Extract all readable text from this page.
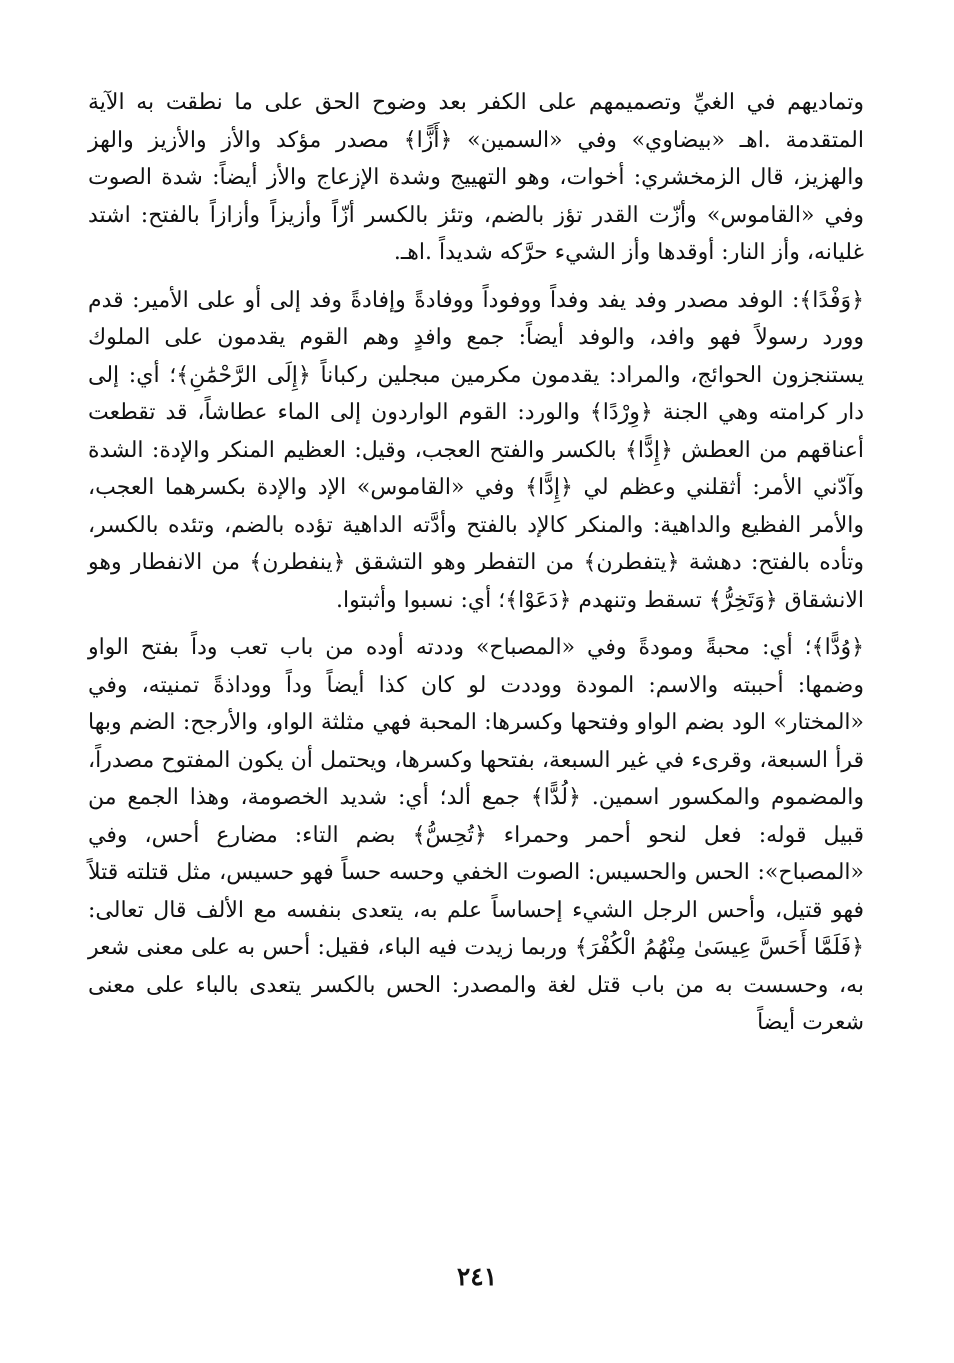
وتماديهم في الغيِّ وتصميمهم على الكفر بعد وضوح الحق على ما نطقت به الآية المتقدمة .اهـ «بيضاوي» وفي «السمين» ﴿أَزًّا﴾ مصدر مؤكد والأز والأزيز والهز والهزيز، قال الزمخشري: أخوات، وهو التهييج وشدة الإزعاج والأز أيضاً: شدة الصوت وفي «القاموس» وأزّت القدر تؤز بالضم، وتئز بالكسر أزّاً وأزيزاً وأزازاً بالفتح: اشتد غليانه، وأز النار: أوقدها وأز الشيء حرَّكه شديداً .اهـ.

﴿وَفْدًا﴾: الوفد مصدر وفد يفد وفداً ووفوداً ووفادةً وإفادةً وفد إلى أو على الأمير: قدم وورد رسولاً فهو وافد، والوفد أيضاً: جمع وافدٍ وهم القوم يقدمون على الملوك يستنجزون الحوائج، والمراد: يقدمون مكرمين مبجلين ركباناً ﴿إِلَى الرَّحْمَٰنِ﴾؛ أي: إلى دار كرامته وهي الجنة ﴿وِرْدًا﴾ والورد: القوم الواردون إلى الماء عطاشاً، قد تقطعت أعناقهم من العطش ﴿إِدًّا﴾ بالكسر والفتح العجب، وقيل: العظيم المنكر والإدة: الشدة وآدّني الأمر: أثقلني وعظم لي ﴿إِدًّا﴾ وفي «القاموس» الإد والإدة بكسرهما العجب، والأمر الفظيع والداهية: والمنكر كالإد بالفتح وأدَّته الداهية تؤده بالضم، وتئده بالكسر، وتأده بالفتح: دهشة ﴿يتفطرن﴾ من التفطر وهو التشقق ﴿ينفطرن﴾ من الانفطار وهو الانشقاق ﴿وَتَخِرُّ﴾ تسقط وتنهدم ﴿دَعَوْا﴾؛ أي: نسبوا وأثبتوا.

﴿وُدًّا﴾؛ أي: محبةً ومودةً وفي «المصباح» وددته أوده من باب تعب وداً بفتح الواو وضمها: أحببته والاسم: المودة ووددت لو كان كذا أيضاً وداً ووداذةً تمنيته، وفي «المختار» الود بضم الواو وفتحها وكسرها: المحبة فهي مثلثة الواو، والأرجح: الضم وبها قرأ السبعة، وقرىء في غير السبعة، بفتحها وكسرها، ويحتمل أن يكون المفتوح مصدراً، والمضموم والمكسور اسمين. ﴿لُدًّا﴾ جمع ألد؛ أي: شديد الخصومة، وهذا الجمع من قبيل قوله: فعل لنحو أحمر وحمراء ﴿تُحِسُّ﴾ بضم التاء: مضارع أحس، وفي «المصباح»: الحس والحسيس: الصوت الخفي وحسه حساً فهو حسيس، مثل قتلته قتلاً فهو قتيل، وأحس الرجل الشيء إحساساً علم به، يتعدى بنفسه مع الألف قال تعالى: ﴿فَلَمَّا أَحَسَّ عِيسَىٰ مِنْهُمُ الْكُفْرَ﴾ وربما زيدت فيه الباء، فقيل: أحس به على معنى شعر به، وحسست به من باب قتل لغة والمصدر: الحس بالكسر يتعدى بالباء على معنى شعرت أيضاً

٢٤١
